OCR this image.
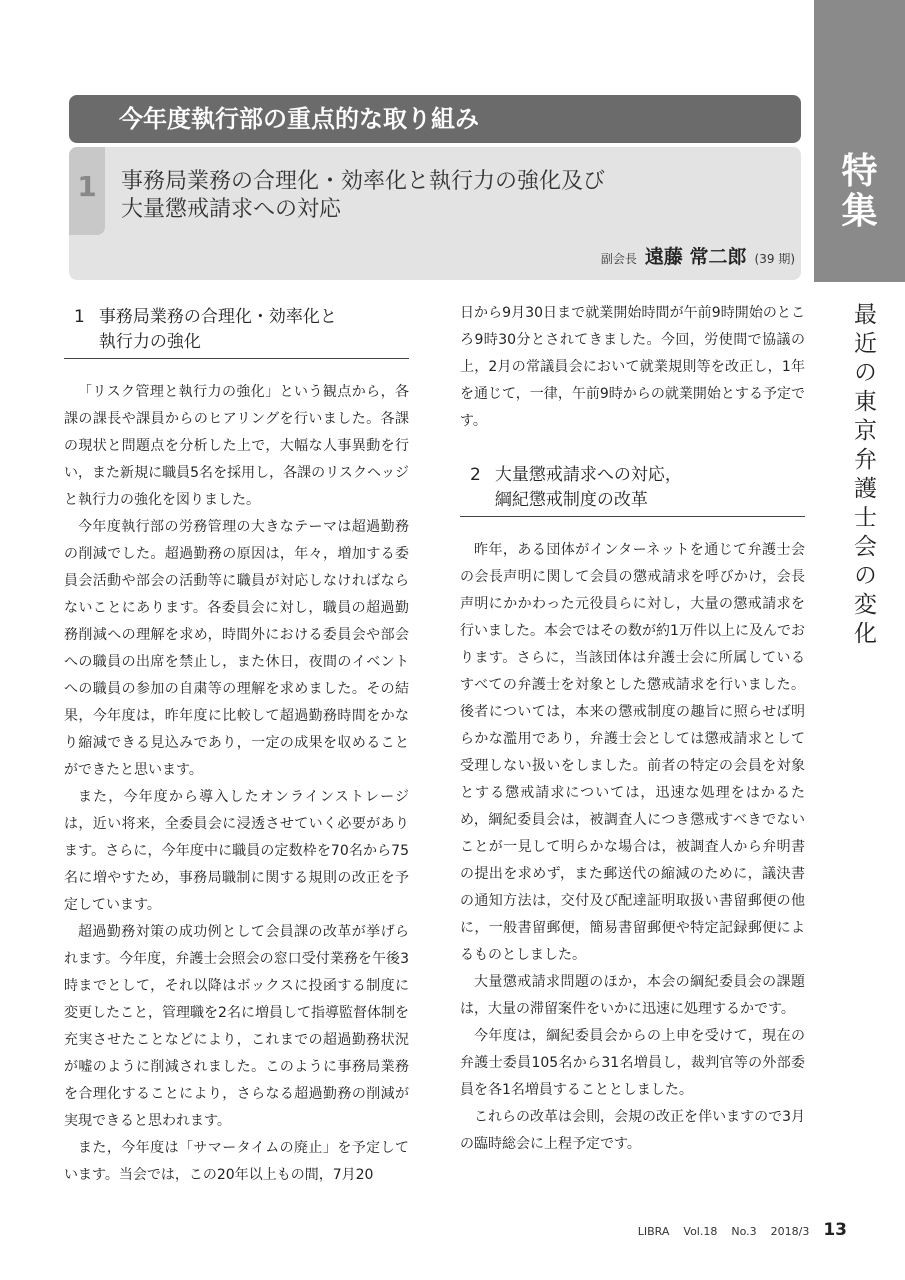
特
集
最近の東京弁護士会の変化
今年度執行部の重点的な取り組み
1	事務局業務の合理化・効率化と執行力の強化及び
大量懲戒請求への対応
副会長 遠藤 常二郎 (39 期)
1 事務局業務の合理化・効率化と
執行力の強化

「リスク管理と執行力の強化」という観点から，各課の課長や課員からのヒアリングを行いました。各課の現状と問題点を分析した上で，大幅な人事異動を行い，また新規に職員5名を採用し，各課のリスクヘッジと執行力の強化を図りました。

今年度執行部の労務管理の大きなテーマは超過勤務の削減でした。超過勤務の原因は，年々，増加する委員会活動や部会の活動等に職員が対応しなければならないことにあります。各委員会に対し，職員の超過勤務削減への理解を求め，時間外における委員会や部会への職員の出席を禁止し，また休日，夜間のイベントへの職員の参加の自粛等の理解を求めました。その結果，今年度は，昨年度に比較して超過勤務時間をかなり縮減できる見込みであり，一定の成果を収めることができたと思います。

また，今年度から導入したオンラインストレージは，近い将来，全委員会に浸透させていく必要があります。さらに，今年度中に職員の定数枠を70名から75名に増やすため，事務局職制に関する規則の改正を予定しています。

超過勤務対策の成功例として会員課の改革が挙げられます。今年度，弁護士会照会の窓口受付業務を午後3時までとして，それ以降はボックスに投函する制度に変更したこと，管理職を2名に増員して指導監督体制を充実させたことなどにより，これまでの超過勤務状況が嘘のように削減されました。このように事務局業務を合理化することにより，さらなる超過勤務の削減が実現できると思われます。

また，今年度は「サマータイムの廃止」を予定しています。当会では，この20年以上もの間，7月20

日から9月30日まで就業開始時間が午前9時開始のところ9時30分とされてきました。今回，労使間で協議の上，2月の常議員会において就業規則等を改正し，1年を通じて，一律，午前9時からの就業開始とする予定です。

2 大量懲戒請求への対応，
綱紀懲戒制度の改革

昨年，ある団体がインターネットを通じて弁護士会の会長声明に関して会員の懲戒請求を呼びかけ，会長声明にかかわった元役員らに対し，大量の懲戒請求を行いました。本会ではその数が約1万件以上に及んでおります。さらに，当該団体は弁護士会に所属しているすべての弁護士を対象とした懲戒請求を行いました。後者については，本来の懲戒制度の趣旨に照らせば明らかな濫用であり，弁護士会としては懲戒請求として受理しない扱いをしました。前者の特定の会員を対象とする懲戒請求については，迅速な処理をはかるため，綱紀委員会は，被調査人につき懲戒すべきでないことが一見して明らかな場合は，被調査人から弁明書の提出を求めず，また郵送代の縮減のために，議決書の通知方法は，交付及び配達証明取扱い書留郵便の他に，一般書留郵便，簡易書留郵便や特定記録郵便によるものとしました。

大量懲戒請求問題のほか，本会の綱紀委員会の課題は，大量の滞留案件をいかに迅速に処理するかです。

今年度は，綱紀委員会からの上申を受けて，現在の弁護士委員105名から31名増員し，裁判官等の外部委員を各1名増員することとしました。

これらの改革は会則，会規の改正を伴いますので3月の臨時総会に上程予定です。

LIBRA Vol.18 No.3 2018/3 13
